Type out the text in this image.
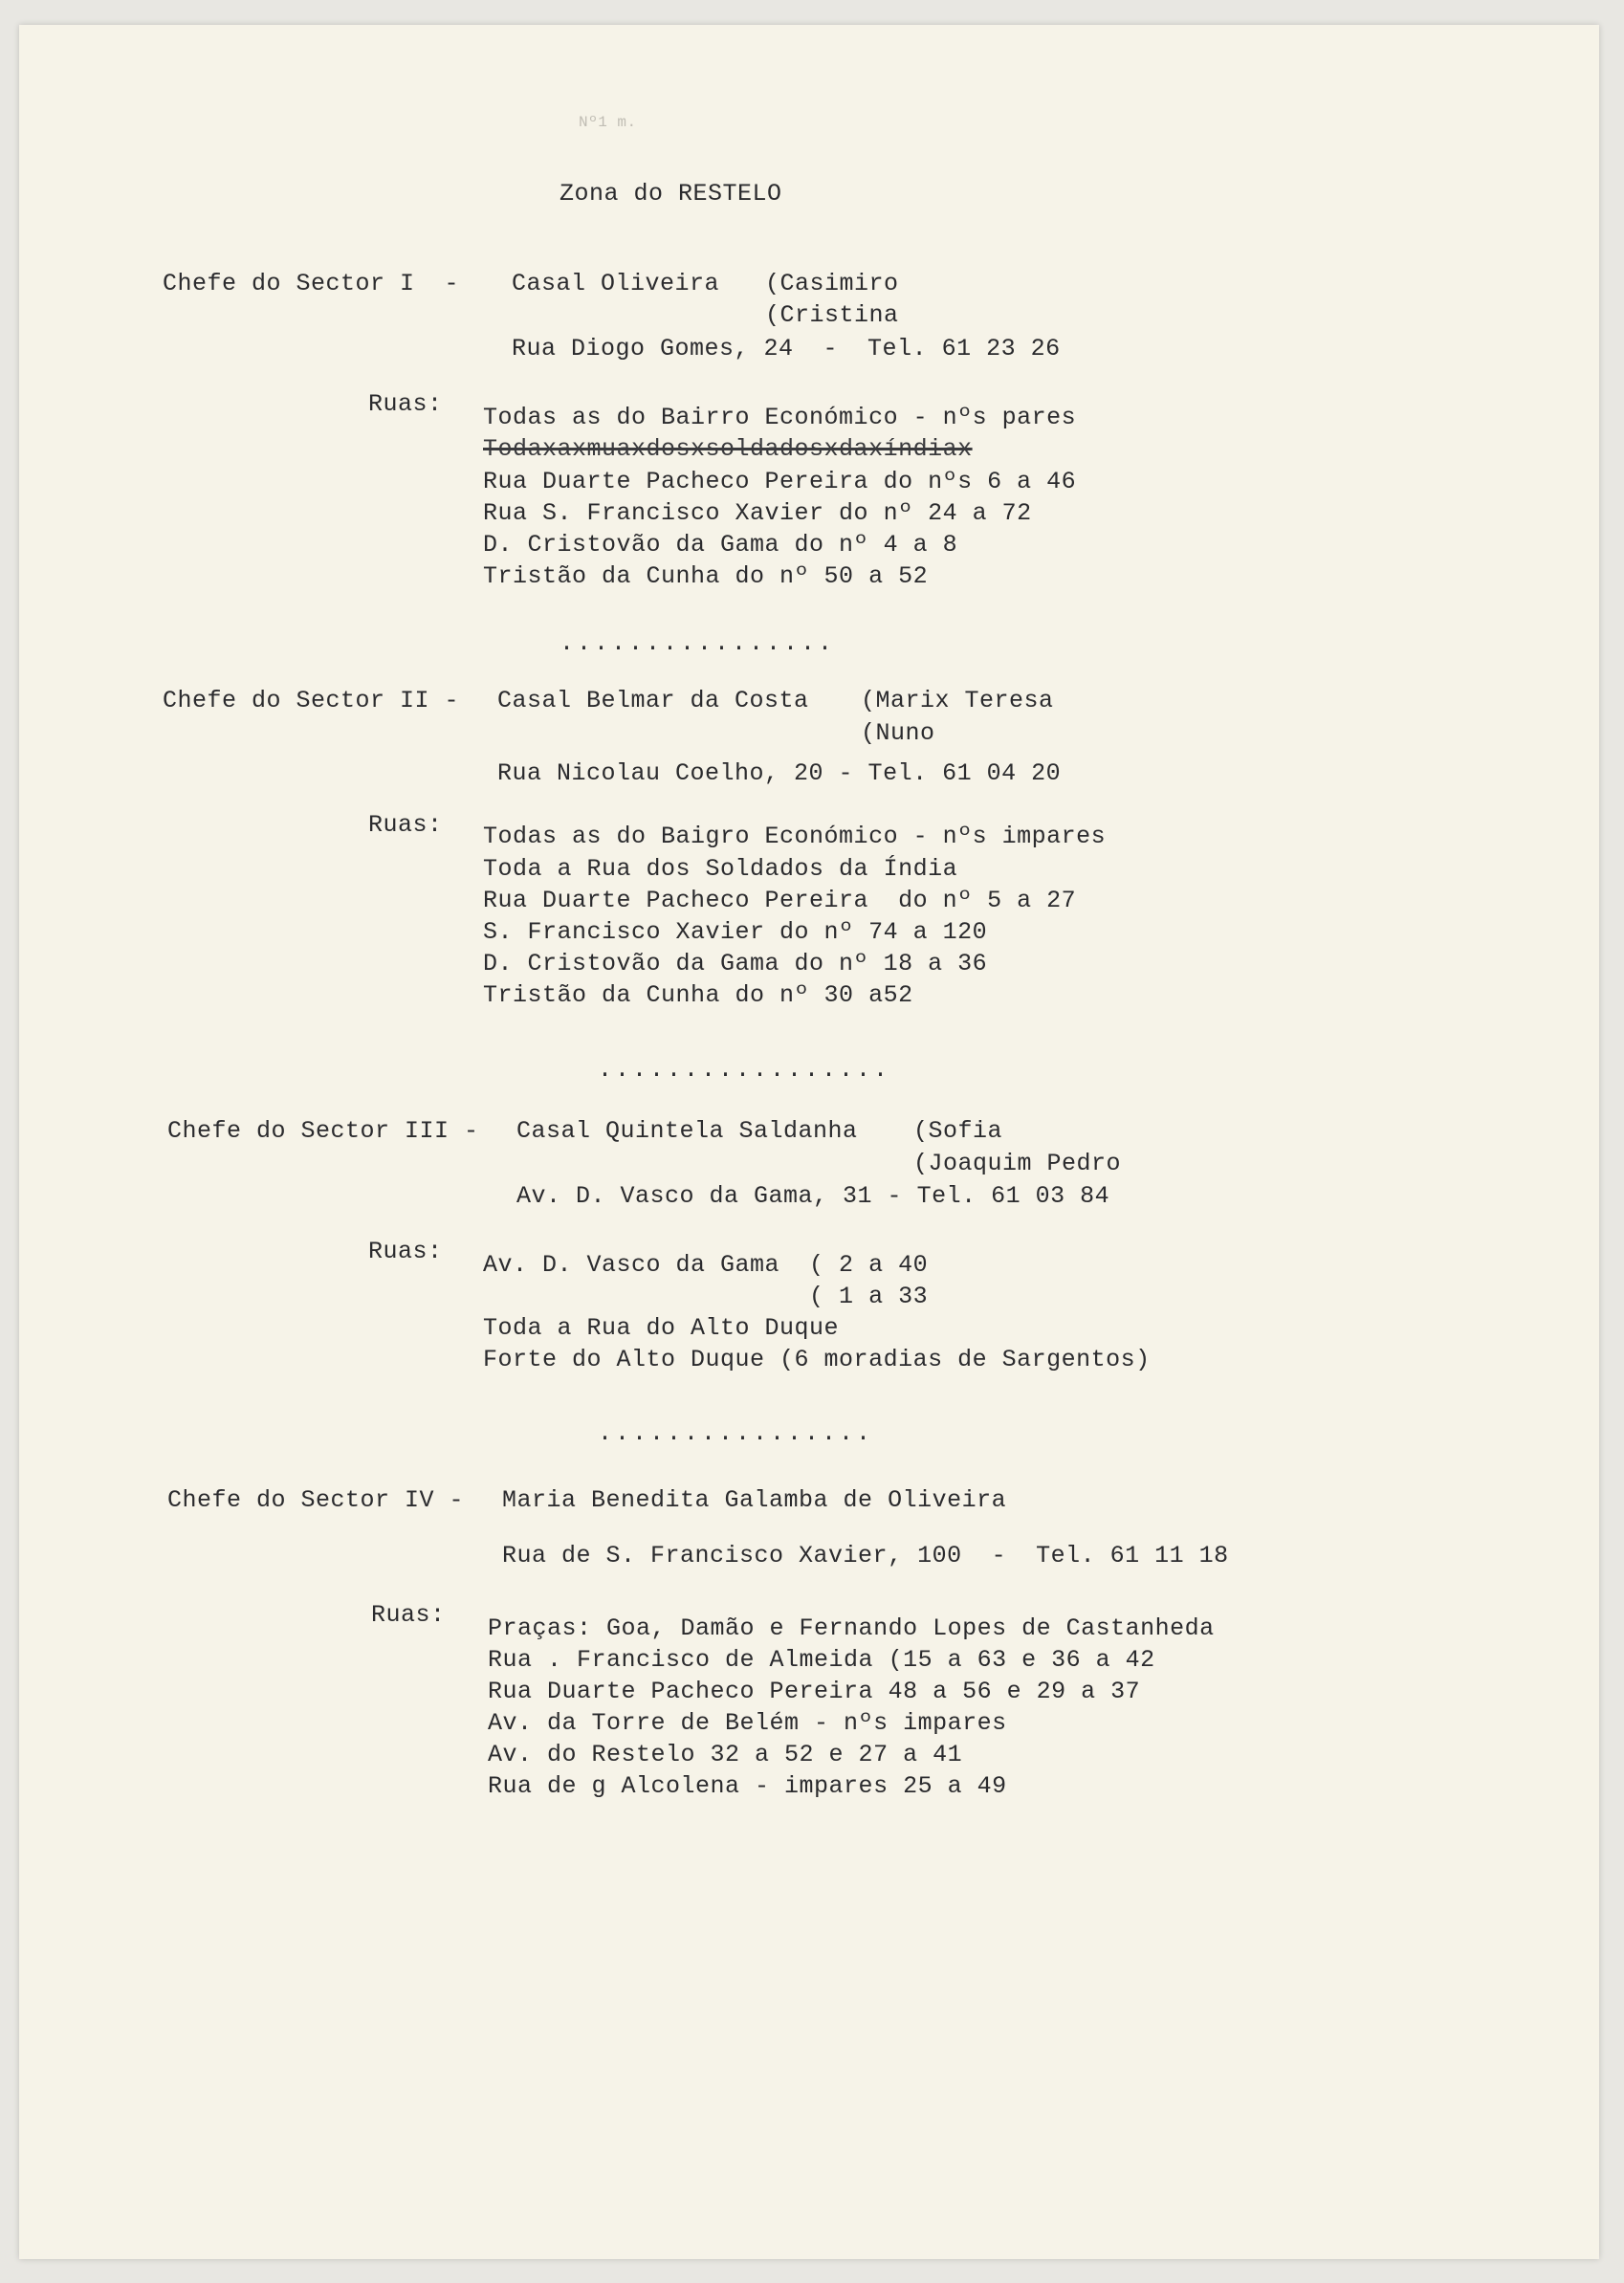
Nº1 m.
Zona do RESTELO
Chefe do Sector I  - Casal Oliveira (Casimiro
(Cristina
Rua Diogo Gomes, 24  -  Tel. 61 23 26
Ruas: Todas as do Bairro Económico - nºs pares
Todaxaxmuaxdosxsoldadosxdaxíndiax
Rua Duarte Pacheco Pereira do nºs 6 a 46
Rua S. Francisco Xavier do nº 24 a 72
D. Cristovão da Gama do nº 4 a 8
Tristão da Cunha do nº 50 a 52
................
Chefe do Sector II - Casal Belmar da Costa (Marix Teresa
(Nuno
Rua Nicolau Coelho, 20 - Tel. 61 04 20
Ruas: Todas as do Baigro Económico - nºs impares
Toda a Rua dos Soldados da Índia
Rua Duarte Pacheco Pereira  do nº 5 a 27
S. Francisco Xavier do nº 74 a 120
D. Cristovão da Gama do nº 18 a 36
Tristão da Cunha do nº 30 a52
.................
Chefe do Sector III - Casal Quintela Saldanha (Sofia
(Joaquim Pedro
Av. D. Vasco da Gama, 31 - Tel. 61 03 84
Ruas: Av. D. Vasco da Gama  ( 2 a 40
( 1 a 33
Toda a Rua do Alto Duque
Forte do Alto Duque (6 moradias de Sargentos)
................
Chefe do Sector IV - Maria Benedita Galamba de Oliveira
Rua de S. Francisco Xavier, 100  -  Tel. 61 11 18
Ruas: Praças: Goa, Damão e Fernando Lopes de Castanheda
Rua . Francisco de Almeida (15 a 63 e 36 a 42
Rua Duarte Pacheco Pereira 48 a 56 e 29 a 37
Av. da Torre de Belém - nºs impares
Av. do Restelo 32 a 52 e 27 a 41
Rua de g Alcolena - impares 25 a 49
